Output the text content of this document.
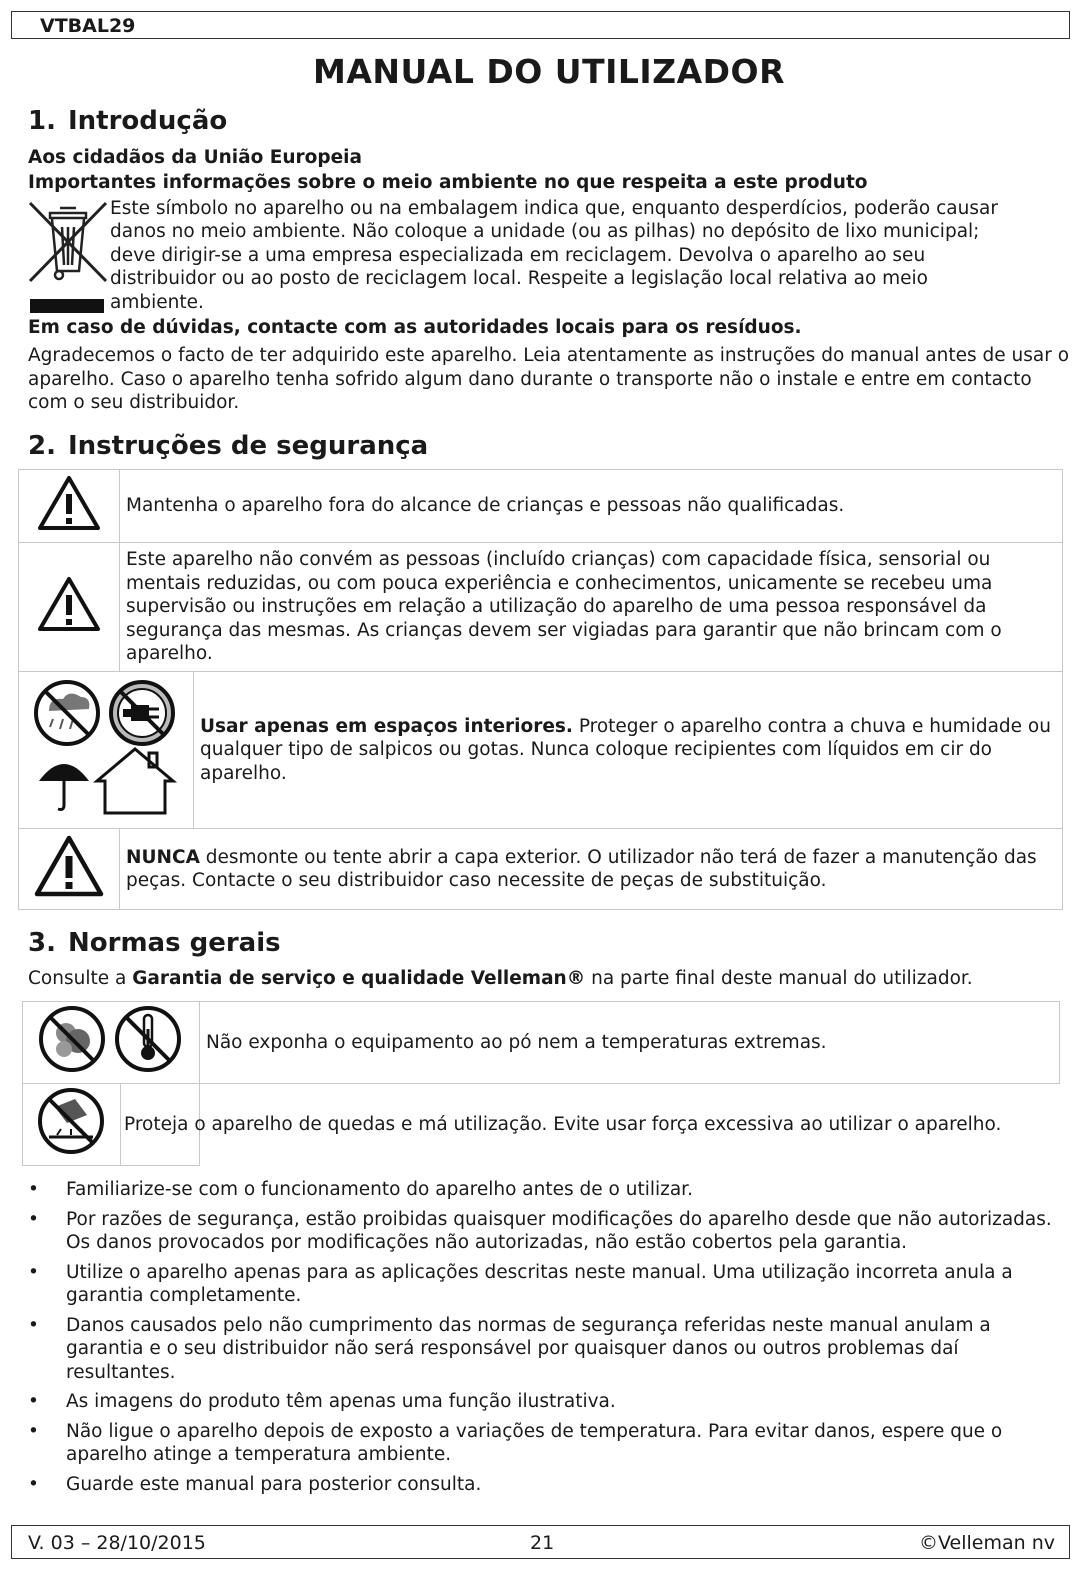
VTBAL29
MANUAL DO UTILIZADOR
1. Introdução
Aos cidadãos da União Europeia
Importantes informações sobre o meio ambiente no que respeita a este produto
Este símbolo no aparelho ou na embalagem indica que, enquanto desperdícios, poderão causar
danos no meio ambiente. Não coloque a unidade (ou as pilhas) no depósito de lixo municipal;
deve dirigir-se a uma empresa especializada em reciclagem. Devolva o aparelho ao seu
distribuidor ou ao posto de reciclagem local. Respeite a legislação local relativa ao meio
ambiente.
Em caso de dúvidas, contacte com as autoridades locais para os resíduos.
Agradecemos o facto de ter adquirido este aparelho. Leia atentamente as instruções do manual antes de usar o aparelho. Caso o aparelho tenha sofrido algum dano durante o transporte não o instale e entre em contacto com o seu distribuidor.
2. Instruções de segurança
	Mantenha o aparelho fora do alcance de crianças e pessoas não qualificadas.
	Este aparelho não convém as pessoas (incluído crianças) com capacidade física, sensorial ou mentais reduzidas, ou com pouca experiência e conhecimentos, unicamente se recebeu uma supervisão ou instruções em relação a utilização do aparelho de uma pessoa responsável da segurança das mesmas. As crianças devem ser vigiadas para garantir que não brincam com o aparelho.
	Usar apenas em espaços interiores. Proteger o aparelho contra a chuva e humidade ou qualquer tipo de salpicos ou gotas. Nunca coloque recipientes com líquidos em cir do aparelho.
	NUNCA desmonte ou tente abrir a capa exterior. O utilizador não terá de fazer a manutenção das peças. Contacte o seu distribuidor caso necessite de peças de substituição.
3. Normas gerais
Consulte a Garantia de serviço e qualidade Velleman® na parte final deste manual do utilizador.
	Não exponha o equipamento ao pó nem a temperaturas extremas.

Proteja o aparelho de quedas e má utilização. Evite usar força excessiva ao utilizar o aparelho.
• Familiarize-se com o funcionamento do aparelho antes de o utilizar.
• Por razões de segurança, estão proibidas quaisquer modificações do aparelho desde que não autorizadas. Os danos provocados por modificações não autorizadas, não estão cobertos pela garantia.
• Utilize o aparelho apenas para as aplicações descritas neste manual. Uma utilização incorreta anula a garantia completamente.
• Danos causados pelo não cumprimento das normas de segurança referidas neste manual anulam a garantia e o seu distribuidor não será responsável por quaisquer danos ou outros problemas daí resultantes.
• As imagens do produto têm apenas uma função ilustrativa.
• Não ligue o aparelho depois de exposto a variações de temperatura. Para evitar danos, espere que o aparelho atinge a temperatura ambiente.
• Guarde este manual para posterior consulta.
V. 03 – 28/10/2015	21	©Velleman nv
